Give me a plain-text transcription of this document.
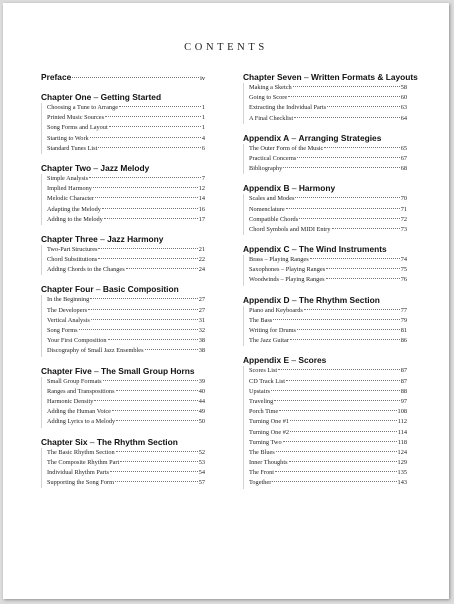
CONTENTS
Preface	iv
Chapter One – Getting Started
Choosing a Tune to Arrange	1
Printed Music Sources	1
Song Forms and Layout	1
Starting to Work	4
Standard Tunes List	6
Chapter Two – Jazz Melody
Simple Analysis	7
Implied Harmony	12
Melodic Character	14
Adapting the Melody	16
Adding to the Melody	17
Chapter Three – Jazz Harmony
Two-Part Structures	21
Chord Substitutions	22
Adding Chords to the Changes	24
Chapter Four – Basic Composition
In the Beginning	27
The Developers	27
Vertical Analysis	31
Song Forms	32
Your First Composition	38
Discography of Small Jazz Ensembles	38
Chapter Five – The Small Group Horns
Small Group Formats	39
Ranges and Transpositions	40
Harmonic Density	44
Adding the Human Voice	49
Adding Lyrics to a Melody	50
Chapter Six – The Rhythm Section
The Basic Rhythm Section	52
The Composite Rhythm Part	53
Individual Rhythm Parts	54
Supporting the Song Form	57
Chapter Seven – Written Formats & Layouts
Making a Sketch	58
Going to Score	60
Extracting the Individual Parts	63
A Final Checklist	64
Appendix A – Arranging Strategies
The Outer Form of the Music	65
Practical Concerns	67
Bibliography	68
Appendix B – Harmony
Scales and Modes	70
Nomenclature	71
Compatible Chords	72
Chord Symbols and MIDI Entry	73
Appendix C – The Wind Instruments
Brass – Playing Ranges	74
Saxophones – Playing Ranges	75
Woodwinds – Playing Ranges	76
Appendix D – The Rhythm Section
Piano and Keyboards	77
The Bass	79
Writing for Drums	81
The Jazz Guitar	86
Appendix E – Scores
Scores List	87
CD Track List	87
Upstairs	88
Traveling	97
Porch Time	108
Turning One #1	112
Turning One #2	114
Turning Two	118
The Blues	124
Inner Thoughts	129
The Front	135
Together	143
